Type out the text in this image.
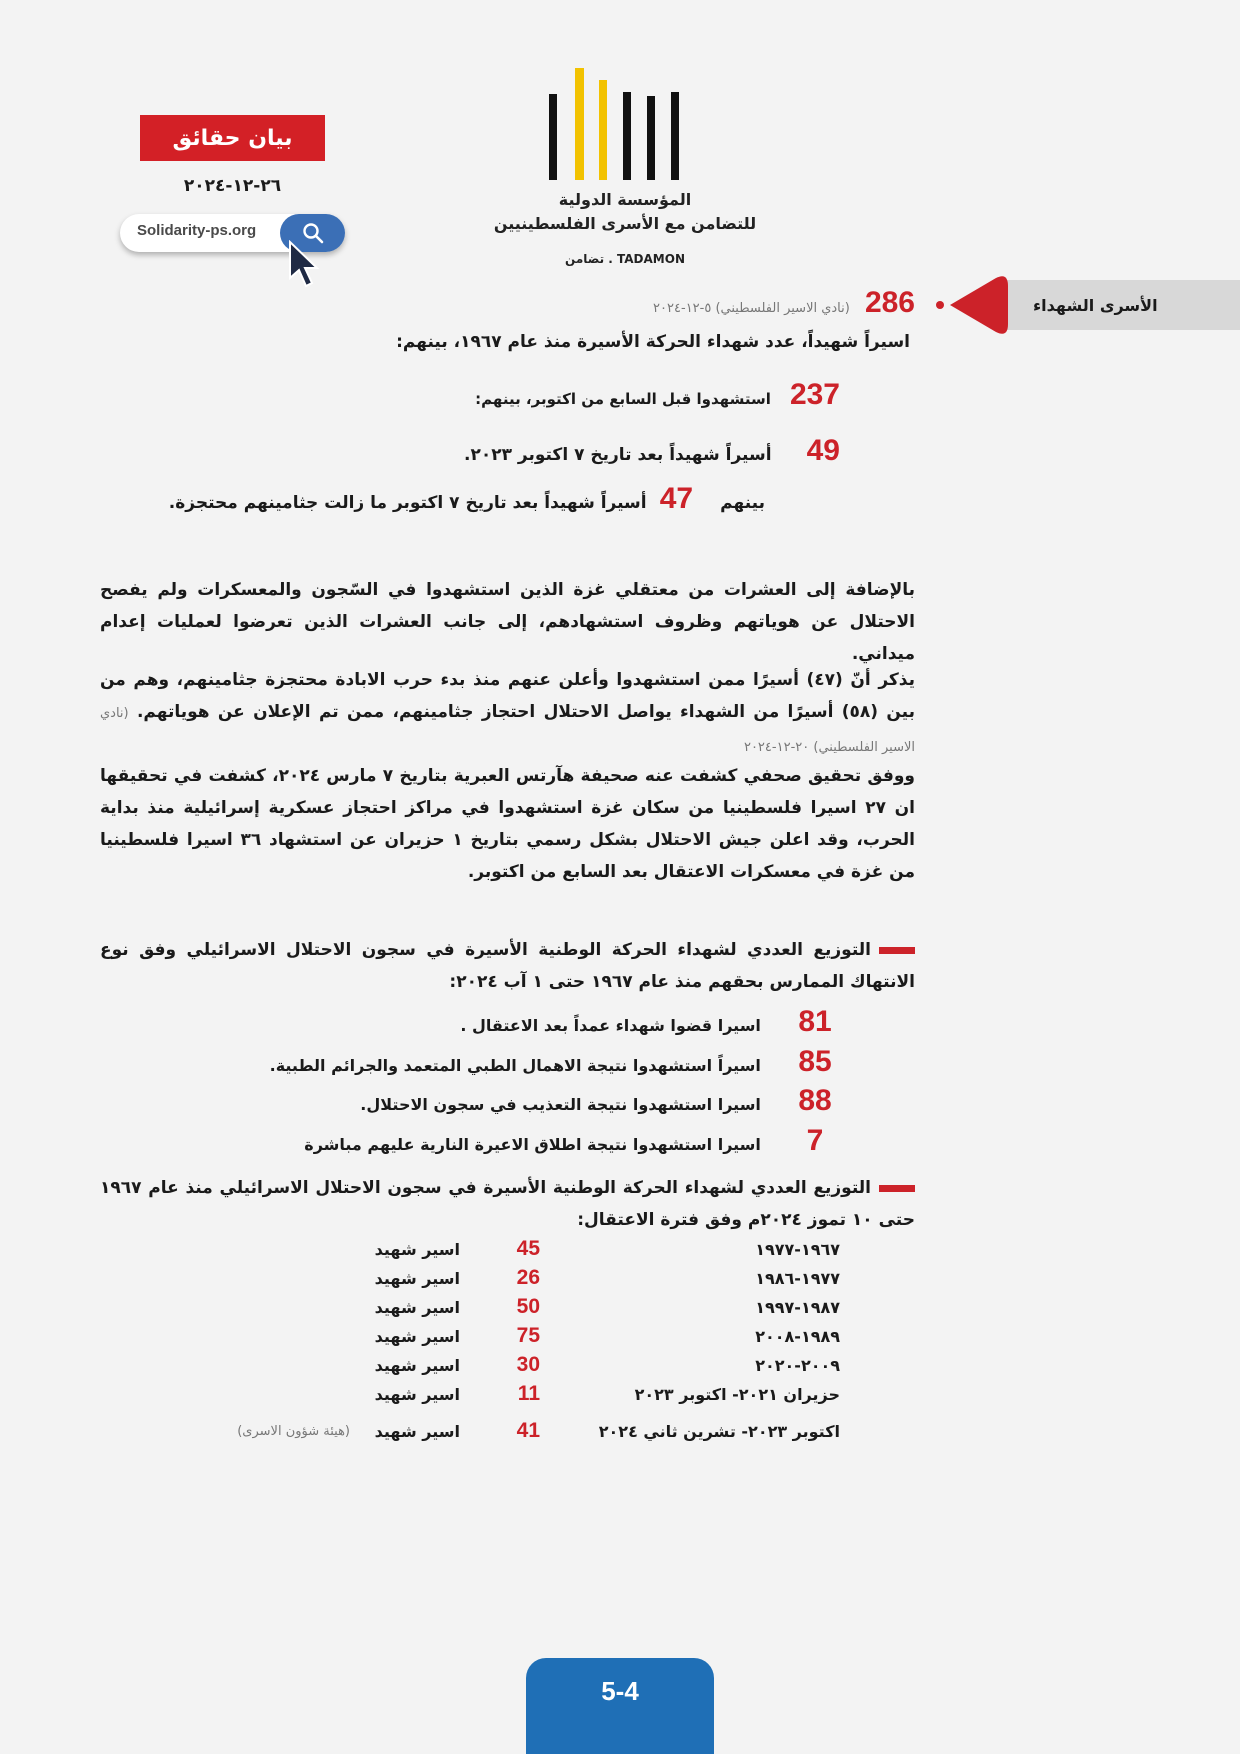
بيان حقائق
٢٦-١٢-٢٠٢٤
Solidarity-ps.org
المؤسسة الدولية
للتضامن مع الأسرى الفلسطينيين
تضامن . TADAMON
الأسرى الشهداء
286 (نادي الاسير الفلسطيني) ٥-١٢-٢٠٢٤
اسيراً شهيداً، عدد شهداء الحركة الأسيرة منذ عام ١٩٦٧، بينهم:
237 استشهدوا قبل السابع من اكتوبر، بينهم:
49 أسيراً شهيداً بعد تاريخ ٧ اكتوبر ٢٠٢٣.
بينهم 47 أسيراً شهيداً بعد تاريخ ٧ اكتوبر ما زالت جثامينهم محتجزة.
بالإضافة إلى العشرات من معتقلي غزة الذين استشهدوا في السّجون والمعسكرات ولم يفصح الاحتلال عن هوياتهم وظروف استشهادهم، إلى جانب العشرات الذين تعرضوا لعمليات إعدام ميداني.
يذكر أنّ (٤٧) أسيرًا ممن استشهدوا وأعلن عنهم منذ بدء حرب الابادة محتجزة جثامينهم، وهم من بين (٥٨) أسيرًا من الشهداء يواصل الاحتلال احتجاز جثامينهم، ممن تم الإعلان عن هوياتهم. (نادي الاسير الفلسطيني) ٢٠-١٢-٢٠٢٤
ووفق تحقيق صحفي كشفت عنه صحيفة هآرتس العبرية بتاريخ ٧ مارس ٢٠٢٤، كشفت في تحقيقها ان ٢٧ اسيرا فلسطينيا من سكان غزة استشهدوا في مراكز احتجاز عسكرية إسرائيلية منذ بداية الحرب، وقد اعلن جيش الاحتلال بشكل رسمي بتاريخ ١ حزيران عن استشهاد ٣٦ اسيرا فلسطينيا من غزة في معسكرات الاعتقال بعد السابع من اكتوبر.
التوزيع العددي لشهداء الحركة الوطنية الأسيرة في سجون الاحتلال الاسرائيلي وفق نوع الانتهاك الممارس بحقهم منذ عام ١٩٦٧ حتى ١ آب ٢٠٢٤:
81 اسيرا قضوا شهداء عمداً بعد الاعتقال .
85 اسيراً استشهدوا نتيجة الاهمال الطبي المتعمد والجرائم الطبية.
88 اسيرا استشهدوا نتيجة التعذيب في سجون الاحتلال.
7 اسيرا استشهدوا نتيجة اطلاق الاعيرة النارية عليهم مباشرة
التوزيع العددي لشهداء الحركة الوطنية الأسيرة في سجون الاحتلال الاسرائيلي منذ عام ١٩٦٧ حتى ١٠ تموز ٢٠٢٤م وفق فترة الاعتقال:
١٩٦٧-١٩٧٧
45
اسير شهيد
١٩٧٧-١٩٨٦
26
اسير شهيد
١٩٨٧-١٩٩٧
50
اسير شهيد
١٩٨٩-٢٠٠٨
75
اسير شهيد
٢٠٠٩-٢٠٢٠
30
اسير شهيد
حزيران ٢٠٢١- اكتوبر ٢٠٢٣
11
اسير شهيد
اكتوبر ٢٠٢٣- تشرين ثاني ٢٠٢٤
41
اسير شهيد
(هيئة شؤون الاسرى)
5-4
